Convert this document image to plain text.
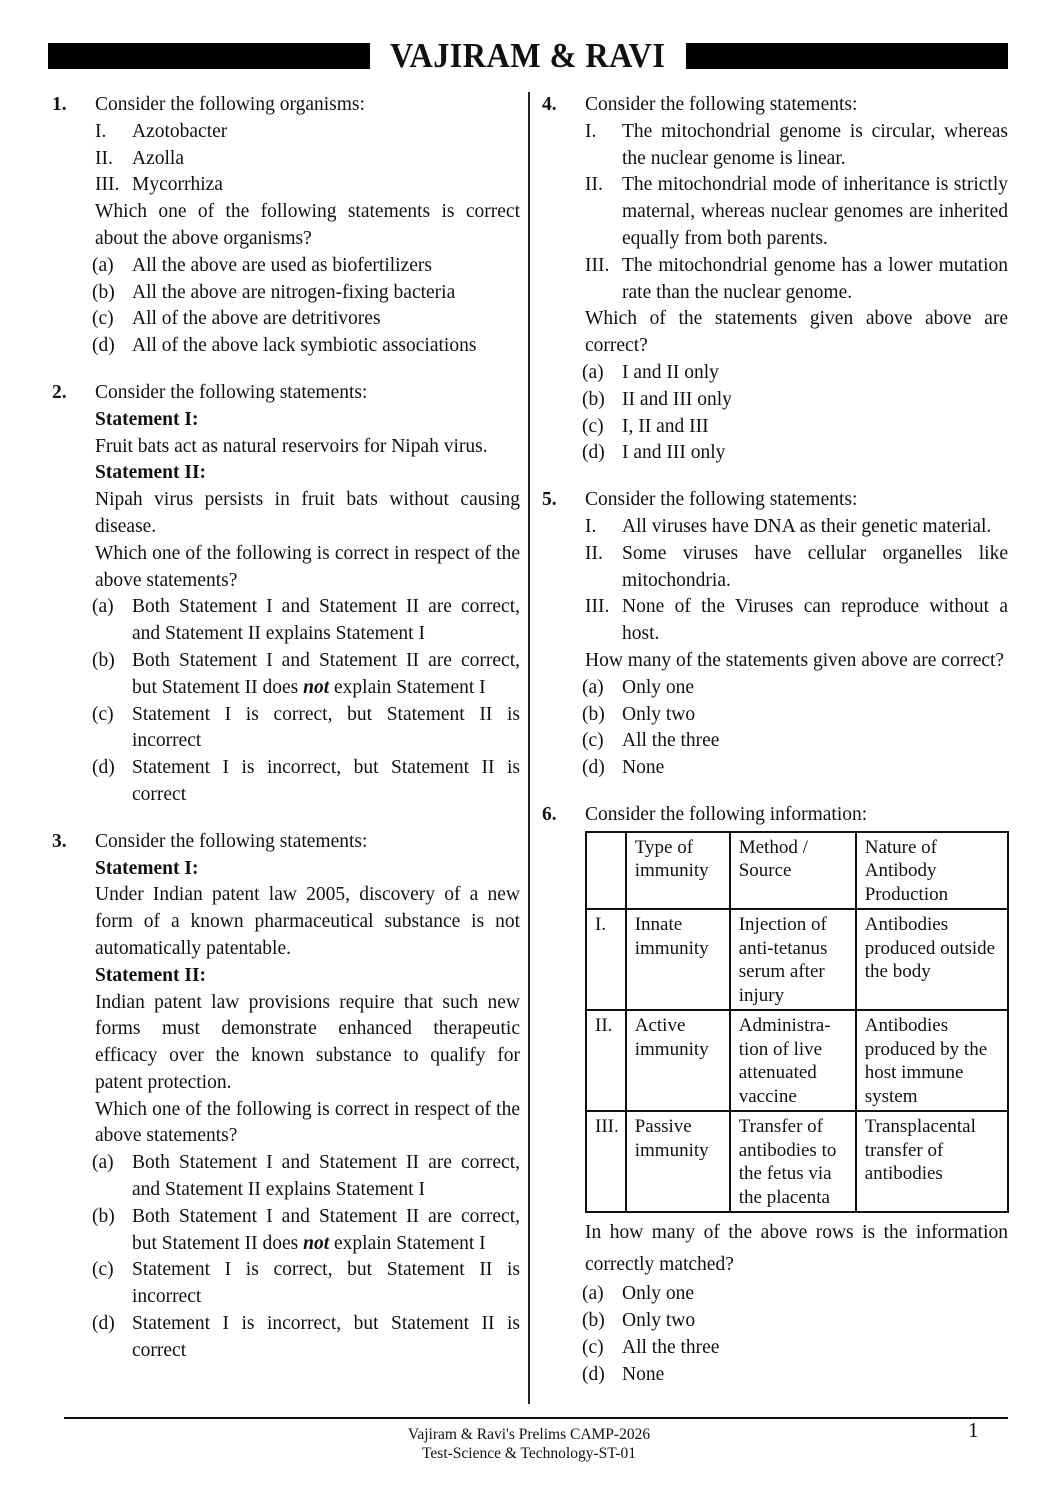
VAJIRAM & RAVI
1. Consider the following organisms:
I. Azotobacter
II. Azolla
III. Mycorrhiza
Which one of the following statements is correct about the above organisms?
(a) All the above are used as biofertilizers
(b) All the above are nitrogen-fixing bacteria
(c) All of the above are detritivores
(d) All of the above lack symbiotic associations
2. Consider the following statements:
Statement I:
Fruit bats act as natural reservoirs for Nipah virus.
Statement II:
Nipah virus persists in fruit bats without causing disease.
Which one of the following is correct in respect of the above statements?
(a) Both Statement I and Statement II are correct, and Statement II explains Statement I
(b) Both Statement I and Statement II are correct, but Statement II does not explain Statement I
(c) Statement I is correct, but Statement II is incorrect
(d) Statement I is incorrect, but Statement II is correct
3. Consider the following statements:
Statement I:
Under Indian patent law 2005, discovery of a new form of a known pharmaceutical substance is not automatically patentable.
Statement II:
Indian patent law provisions require that such new forms must demonstrate enhanced therapeutic efficacy over the known substance to qualify for patent protection.
Which one of the following is correct in respect of the above statements?
(a) Both Statement I and Statement II are correct, and Statement II explains Statement I
(b) Both Statement I and Statement II are correct, but Statement II does not explain Statement I
(c) Statement I is correct, but Statement II is incorrect
(d) Statement I is incorrect, but Statement II is correct
4. Consider the following statements:
I. The mitochondrial genome is circular, whereas the nuclear genome is linear.
II. The mitochondrial mode of inheritance is strictly maternal, whereas nuclear genomes are inherited equally from both parents.
III. The mitochondrial genome has a lower mutation rate than the nuclear genome.
Which of the statements given above above are correct?
(a) I and II only
(b) II and III only
(c) I, II and III
(d) I and III only
5. Consider the following statements:
I. All viruses have DNA as their genetic material.
II. Some viruses have cellular organelles like mitochondria.
III. None of the Viruses can reproduce without a host.
How many of the statements given above are correct?
(a) Only one
(b) Only two
(c) All the three
(d) None
6. Consider the following information:
	Type of immunity	Method / Source	Nature of Antibody Production
I.	Innate immunity	Injection of anti-tetanus serum after injury	Antibodies produced outside the body
II.	Active immunity	Administra-tion of live attenuated vaccine	Antibodies produced by the host immune system
III.	Passive immunity	Transfer of antibodies to the fetus via the placenta	Transplacental transfer of antibodies
In how many of the above rows is the information correctly matched?
(a) Only one
(b) Only two
(c) All the three
(d) None
Vajiram & Ravi's Prelims CAMP-2026
Test-Science & Technology-ST-01
1
